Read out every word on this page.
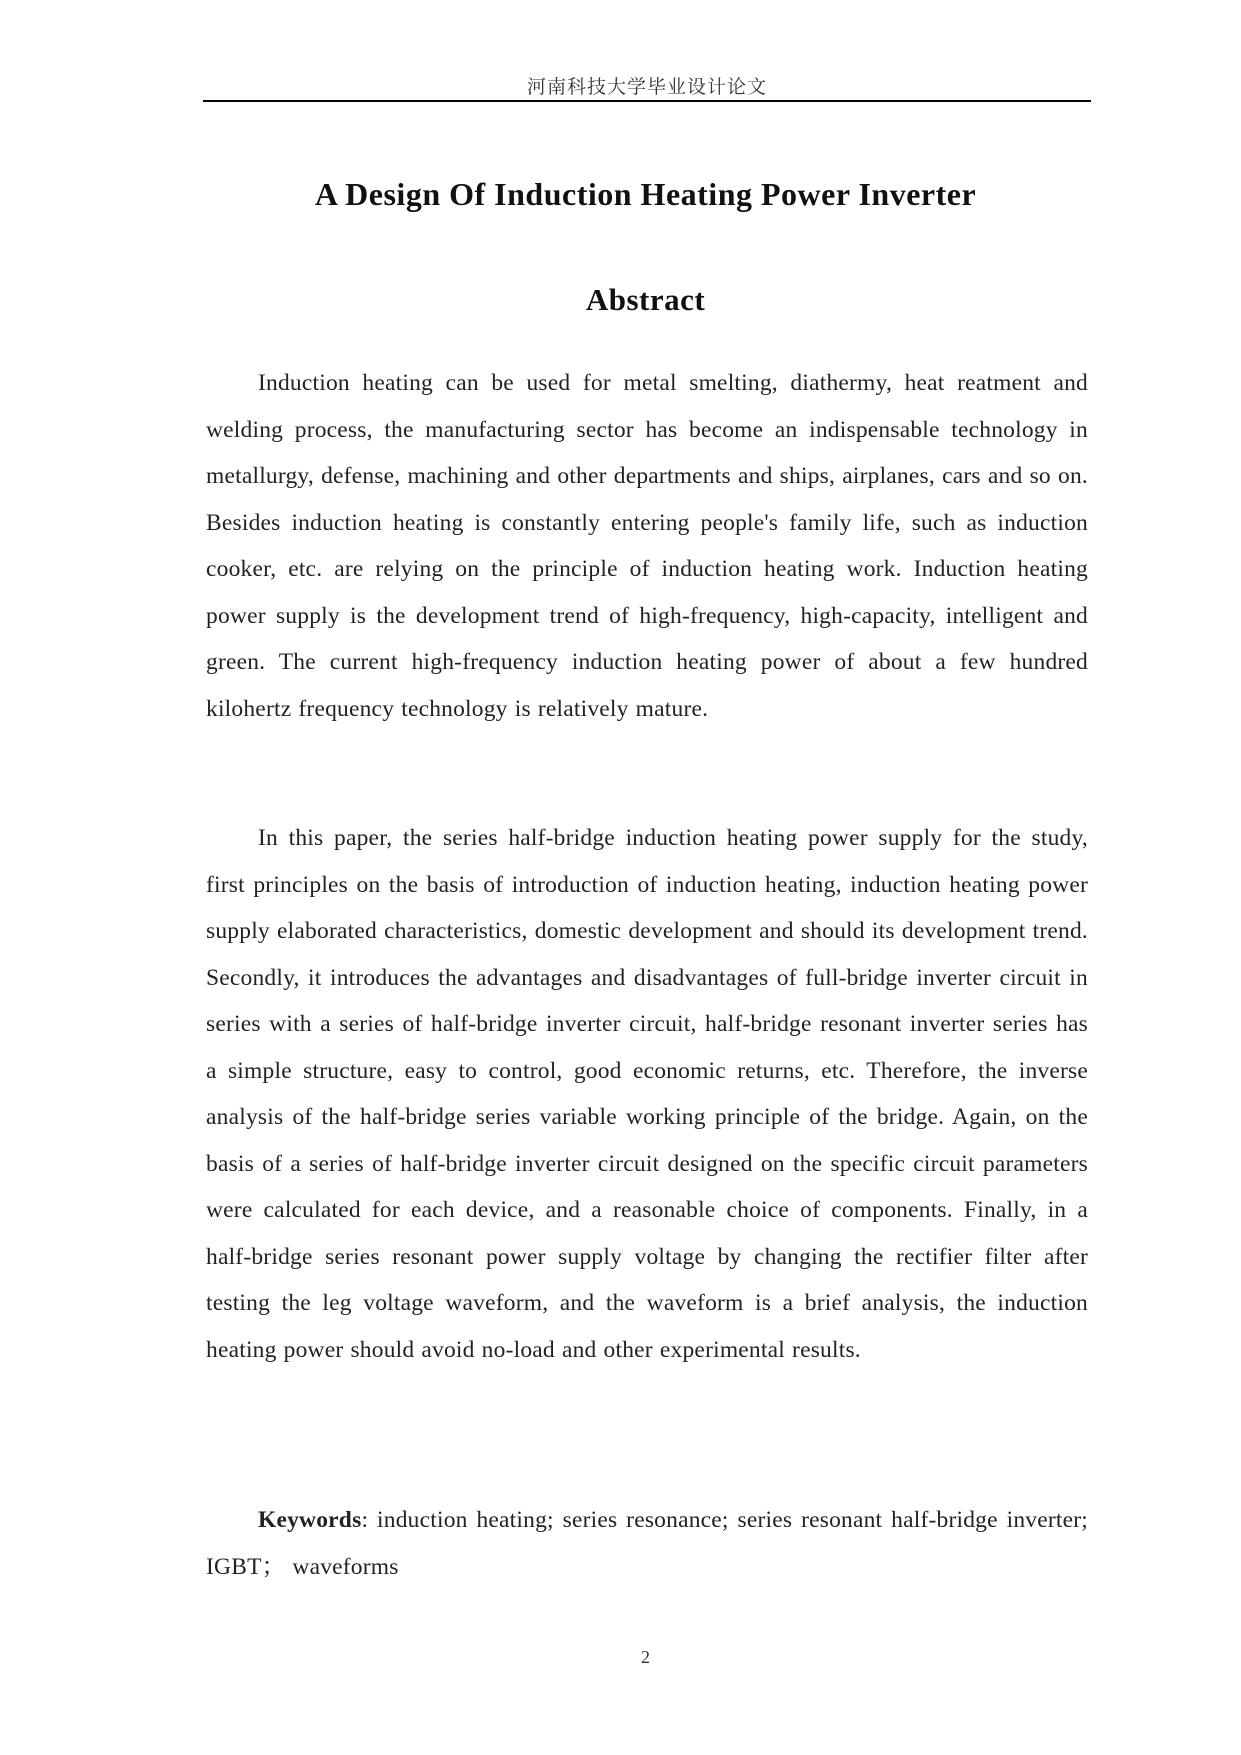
河南科技大学毕业设计论文
A Design Of Induction Heating Power Inverter
Abstract

Induction heating can be used for metal smelting, diathermy, heat reatment and welding process, the manufacturing sector has become an indispensable technology in metallurgy, defense, machining and other departments and ships, airplanes, cars and so on. Besides induction heating is constantly entering people's family life, such as induction cooker, etc. are relying on the principle of induction heating work. Induction heating power supply is the development trend of high-frequency, high-capacity, intelligent and green. The current high-frequency induction heating power of about a few hundred kilohertz frequency technology is relatively mature.

In this paper, the series half-bridge induction heating power supply for the study, first principles on the basis of introduction of induction heating, induction heating power supply elaborated characteristics, domestic development and should its development trend. Secondly, it introduces the advantages and disadvantages of full-bridge inverter circuit in series with a series of half-bridge inverter circuit, half-bridge resonant inverter series has a simple structure, easy to control, good economic returns, etc. Therefore, the inverse analysis of the half-bridge series variable working principle of the bridge. Again, on the basis of a series of half-bridge inverter circuit designed on the specific circuit parameters were calculated for each device, and a reasonable choice of components. Finally, in a half-bridge series resonant power supply voltage by changing the rectifier filter after testing the leg voltage waveform, and the waveform is a brief analysis, the induction heating power should avoid no-load and other experimental results.

Keywords: induction heating; series resonance; series resonant half-bridge inverter; IGBT； waveforms

2
